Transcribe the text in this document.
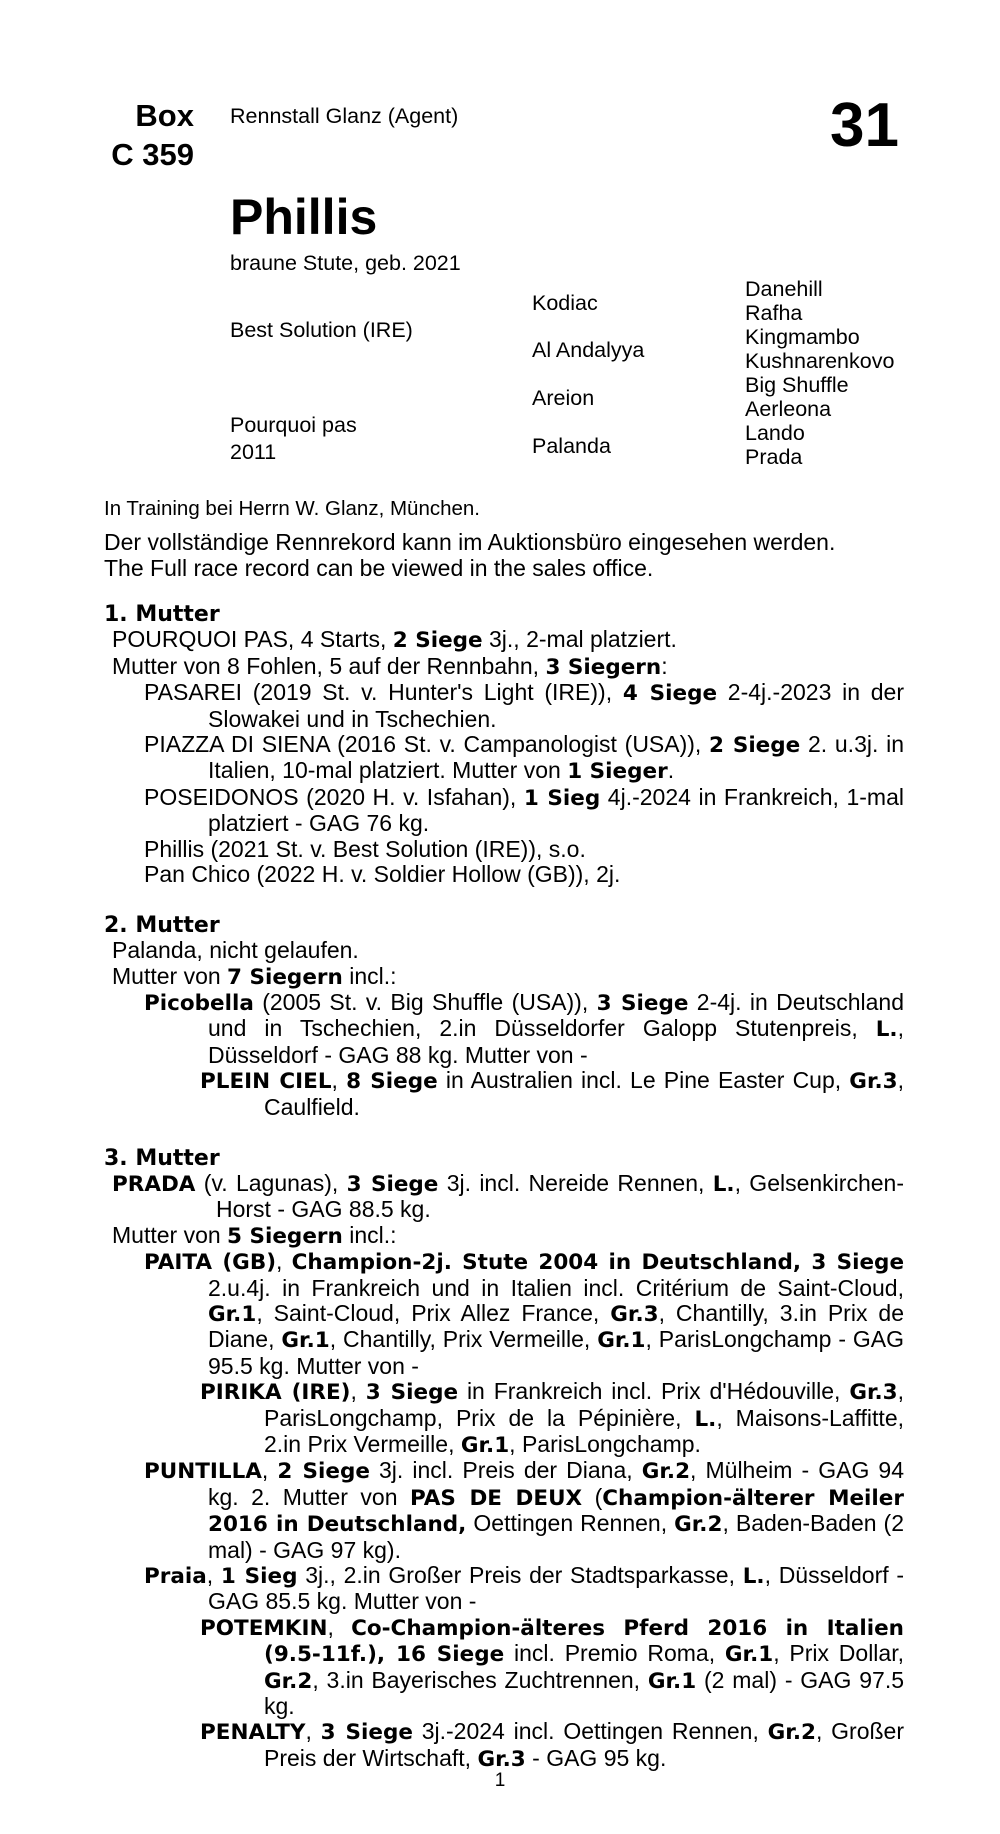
Box
C 359
Rennstall Glanz (Agent)	31
Phillis
braune Stute, geb. 2021
Best Solution (IRE)
Pourquoi pas
2011
Kodiac
Al Andalyya
Areion
Palanda
Danehill
Rafha
Kingmambo
Kushnarenkovo
Big Shuffle
Aerleona
Lando
Prada
In Training bei Herrn W. Glanz, München.
Der vollständige Rennrekord kann im Auktionsbüro eingesehen werden.
The Full race record can be viewed in the sales office.
1. Mutter
POURQUOI PAS, 4 Starts, 2 Siege 3j., 2-mal platziert.
Mutter von 8 Fohlen, 5 auf der Rennbahn, 3 Siegern:
PASAREI (2019 St. v. Hunter's Light (IRE)), 4 Siege 2-4j.-2023 in der Slowakei und in Tschechien.
PIAZZA DI SIENA (2016 St. v. Campanologist (USA)), 2 Siege 2. u.3j. in Italien, 10-mal platziert. Mutter von 1 Sieger.
POSEIDONOS (2020 H. v. Isfahan), 1 Sieg 4j.-2024 in Frankreich, 1-mal platziert - GAG 76 kg.
Phillis (2021 St. v. Best Solution (IRE)), s.o.
Pan Chico (2022 H. v. Soldier Hollow (GB)), 2j.
2. Mutter
Palanda, nicht gelaufen.
Mutter von 7 Siegern incl.:
Picobella (2005 St. v. Big Shuffle (USA)), 3 Siege 2-4j. in Deutschland und in Tschechien, 2.in Düsseldorfer Galopp Stutenpreis, L., Düsseldorf - GAG 88 kg. Mutter von -
PLEIN CIEL, 8 Siege in Australien incl. Le Pine Easter Cup, Gr.3, Caulfield.
3. Mutter
PRADA (v. Lagunas), 3 Siege 3j. incl. Nereide Rennen, L., Gelsenkirchen-Horst - GAG 88.5 kg.
Mutter von 5 Siegern incl.:
PAITA (GB), Champion-2j. Stute 2004 in Deutschland, 3 Siege 2.u.4j. in Frankreich und in Italien incl. Critérium de Saint-Cloud, Gr.1, Saint-Cloud, Prix Allez France, Gr.3, Chantilly, 3.in Prix de Diane, Gr.1, Chantilly, Prix Vermeille, Gr.1, ParisLongchamp - GAG 95.5 kg. Mutter von -
PIRIKA (IRE), 3 Siege in Frankreich incl. Prix d'Hédouville, Gr.3, ParisLongchamp, Prix de la Pépinière, L., Maisons-Laffitte, 2.in Prix Vermeille, Gr.1, ParisLongchamp.
PUNTILLA, 2 Siege 3j. incl. Preis der Diana, Gr.2, Mülheim - GAG 94 kg. 2. Mutter von PAS DE DEUX (Champion-älterer Meiler 2016 in Deutschland, Oettingen Rennen, Gr.2, Baden-Baden (2 mal) - GAG 97 kg).
Praia, 1 Sieg 3j., 2.in Großer Preis der Stadtsparkasse, L., Düsseldorf - GAG 85.5 kg. Mutter von -
POTEMKIN, Co-Champion-älteres Pferd 2016 in Italien (9.5-11f.), 16 Siege incl. Premio Roma, Gr.1, Prix Dollar, Gr.2, 3.in Bayerisches Zuchtrennen, Gr.1 (2 mal) - GAG 97.5 kg.
PENALTY, 3 Siege 3j.-2024 incl. Oettingen Rennen, Gr.2, Großer Preis der Wirtschaft, Gr.3 - GAG 95 kg.
1
